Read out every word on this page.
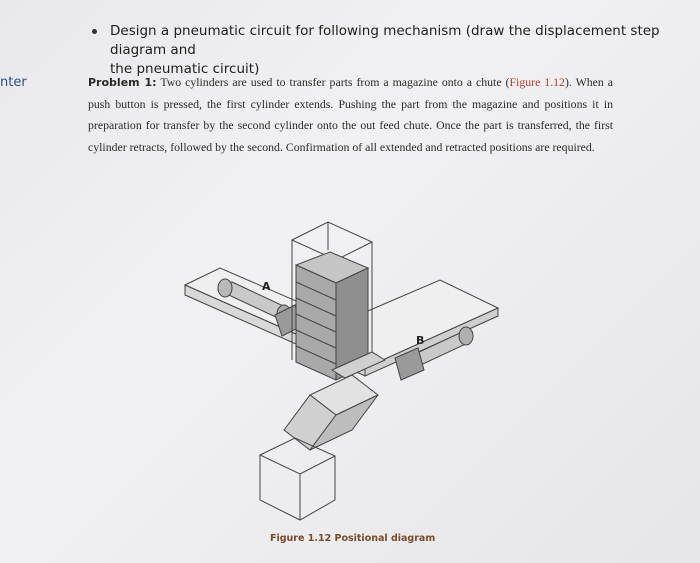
nter
Design a pneumatic circuit for following mechanism (draw the displacement step diagram and
the pneumatic circuit)
Problem 1: Two cylinders are used to transfer parts from a magazine onto a chute (Figure 1.12). When a push button is pressed, the first cylinder extends. Pushing the part from the magazine and positions it in preparation for transfer by the second cylinder onto the out feed chute. Once the part is transferred, the first cylinder retracts, followed by the second. Confirmation of all extended and retracted positions are required.
A
B
Figure 1.12 Positional diagram
